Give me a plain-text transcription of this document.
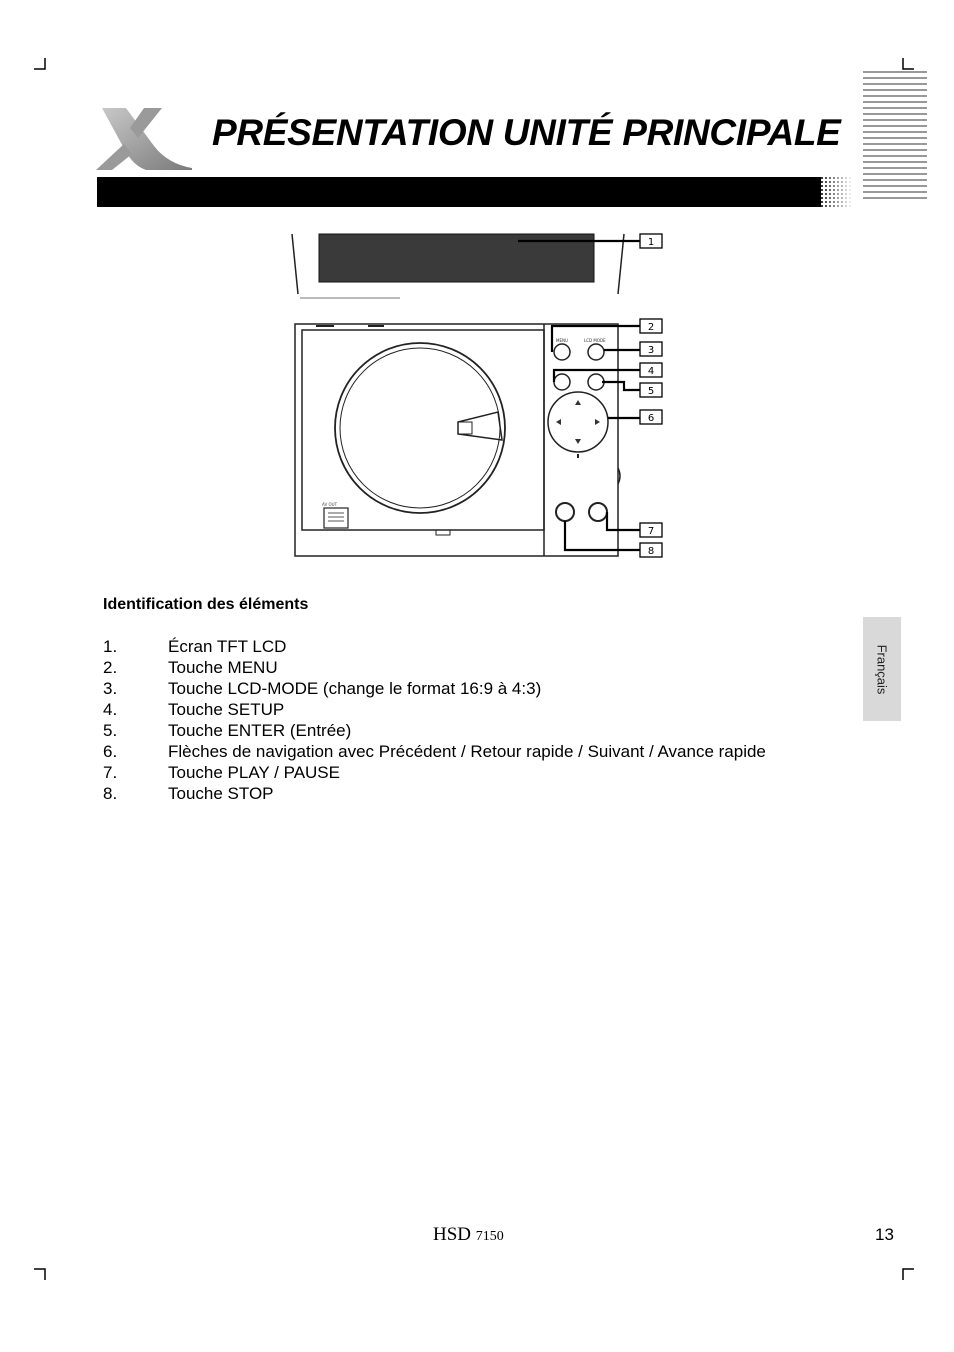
PRÉSENTATION UNITÉ PRINCIPALE
AV OUT
MENU	LCD MODE
1
2
3
4
5
6
7
8
Identification des éléments
1.	Écran TFT LCD
2.	Touche MENU
3.	Touche LCD-MODE (change le format 16:9 à 4:3)
4.	Touche SETUP
5.	Touche ENTER (Entrée)
6.	Flèches de navigation avec Précédent / Retour rapide / Suivant / Avance rapide
7.	Touche PLAY / PAUSE
8.	Touche STOP
Français
HSD 7150	13
